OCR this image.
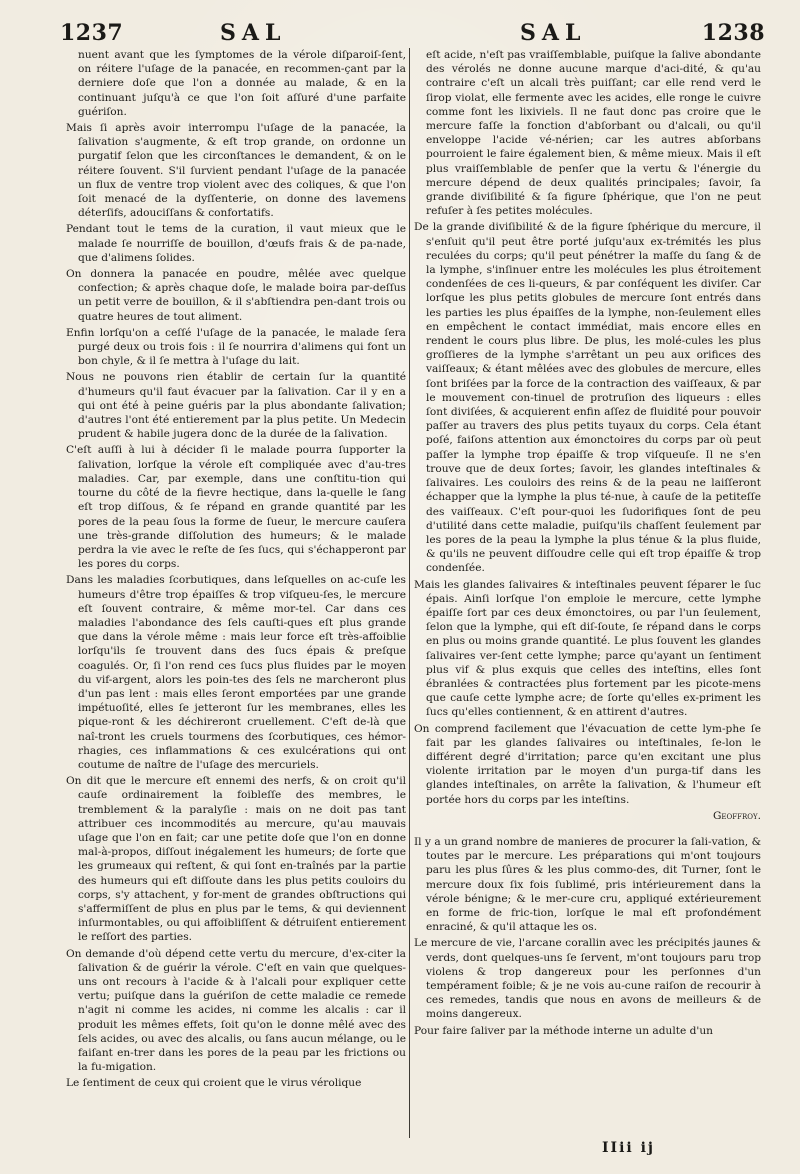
1237	SAL	SAL	1238

nuent avant que les ſymptomes de la vérole diſparoiſ-ſent, on réitere l'uſage de la panacée, en recommen-çant par la derniere doſe que l'on a donnée au malade, & en la continuant juſqu'à ce que l'on ſoit aſſuré d'une parfaite guériſon.

Mais ſi après avoir interrompu l'uſage de la panacée, la ſalivation s'augmente, & eſt trop grande, on ordonne un purgatif ſelon que les circonſtances le demandent, & on le réitere ſouvent. S'il ſurvient pendant l'uſage de la panacée un flux de ventre trop violent avec des coliques, & que l'on ſoit menacé de la dyſſenterie, on donne des lavemens déterſifs, adouciſſans & confortatifs.

Pendant tout le tems de la curation, il vaut mieux que le malade ſe nourriſſe de bouillon, d'œufs frais & de pa-nade, que d'alimens ſolides.

On donnera la panacée en poudre, mêlée avec quelque confection; & après chaque doſe, le malade boira par-deſſus un petit verre de bouillon, & il s'abſtiendra pen-dant trois ou quatre heures de tout aliment.

Enfin lorſqu'on a ceſſé l'uſage de la panacée, le malade ſera purgé deux ou trois fois : il ſe nourrira d'alimens qui font un bon chyle, & il ſe mettra à l'uſage du lait.

Nous ne pouvons rien établir de certain ſur la quantité d'humeurs qu'il faut évacuer par la ſalivation. Car il y en a qui ont été à peine guéris par la plus abondante ſalivation; d'autres l'ont été entierement par la plus petite. Un Medecin prudent & habile jugera donc de la durée de la ſalivation.

C'eſt auſſi à lui à décider ſi le malade pourra ſupporter la ſalivation, lorſque la vérole eſt compliquée avec d'au-tres maladies. Car, par exemple, dans une conſtitu-tion qui tourne du côté de la fievre hectique, dans la-quelle le ſang eſt trop diſſous, & ſe répand en grande quantité par les pores de la peau ſous la forme de ſueur, le mercure cauſera une très-grande diſſolution des humeurs; & le malade perdra la vie avec le reſte de ſes ſucs, qui s'échapperont par les pores du corps.

Dans les maladies ſcorbutiques, dans leſquelles on ac-cuſe les humeurs d'être trop épaiſſes & trop viſqueu-ſes, le mercure eſt ſouvent contraire, & même mor-tel. Car dans ces maladies l'abondance des ſels cauſti-ques eſt plus grande que dans la vérole même : mais leur force eſt très-affoiblie lorſqu'ils ſe trouvent dans des ſucs épais & preſque coagulés. Or, ſi l'on rend ces ſucs plus fluides par le moyen du vif-argent, alors les poin-tes des ſels ne marcheront plus d'un pas lent : mais elles ſeront emportées par une grande impétuoſité, elles ſe jetteront ſur les membranes, elles les pique-ront & les déchireront cruellement. C'eſt de-là que naî-tront les cruels tourmens des ſcorbutiques, ces hémor-rhagies, ces inflammations & ces exulcérations qui ont coutume de naître de l'uſage des mercuriels.

On dit que le mercure eſt ennemi des nerfs, & on croit qu'il cauſe ordinairement la foibleſſe des membres, le tremblement & la paralyſie : mais on ne doit pas tant attribuer ces incommodités au mercure, qu'au mauvais uſage que l'on en fait; car une petite doſe que l'on en donne mal-à-propos, diſſout inégalement les humeurs; de ſorte que les grumeaux qui reſtent, & qui ſont en-traînés par la partie des humeurs qui eſt diſſoute dans les plus petits couloirs du corps, s'y attachent, y for-ment de grandes obſtructions qui s'affermiſſent de plus en plus par le tems, & qui deviennent inſurmontables, ou qui affoibliſſent & détruiſent entierement le reſſort des parties.

On demande d'où dépend cette vertu du mercure, d'ex-citer la ſalivation & de guérir la vérole. C'eſt en vain que quelques-uns ont recours à l'acide & à l'alcali pour expliquer cette vertu; puiſque dans la guériſon de cette maladie ce remede n'agit ni comme les acides, ni comme les alcalis : car il produit les mêmes effets, ſoit qu'on le donne mêlé avec des ſels acides, ou avec des alcalis, ou ſans aucun mélange, ou le faiſant en-trer dans les pores de la peau par les frictions ou la fu-migation.

Le ſentiment de ceux qui croient que le virus vérolique

eſt acide, n'eſt pas vraiſſemblable, puiſque la ſalive abondante des vérolés ne donne aucune marque d'aci-dité, & qu'au contraire c'eſt un alcali très puiſſant; car elle rend verd le ſirop violat, elle fermente avec les acides, elle ronge le cuivre comme font les lixiviels. Il ne faut donc pas croire que le mercure faſſe la fonction d'abſorbant ou d'alcali, ou qu'il enveloppe l'acide vé-nérien; car les autres abſorbans pourroient le faire également bien, & même mieux. Mais il eſt plus vraiſſemblable de penſer que la vertu & l'énergie du mercure dépend de deux qualités principales; ſavoir, ſa grande diviſibilité & ſa figure ſphérique, que l'on ne peut refuſer à ſes petites molécules.

De la grande diviſibilité & de la figure ſphérique du mercure, il s'enſuit qu'il peut être porté juſqu'aux ex-trémités les plus reculées du corps; qu'il peut pénétrer la maſſe du ſang & de la lymphe, s'inſinuer entre les molécules les plus étroitement condenſées de ces li-queurs, & par conſéquent les diviſer. Car lorſque les plus petits globules de mercure ſont entrés dans les parties les plus épaiſſes de la lymphe, non-ſeulement elles en empêchent le contact immédiat, mais encore elles en rendent le cours plus libre. De plus, les molé-cules les plus groſſieres de la lymphe s'arrêtant un peu aux orifices des vaiſſeaux; & étant mêlées avec des globules de mercure, elles ſont briſées par la force de la contraction des vaiſſeaux, & par le mouvement con-tinuel de protruſion des liqueurs : elles ſont diviſées, & acquierent enfin aſſez de fluidité pour pouvoir paſſer au travers des plus petits tuyaux du corps. Cela étant poſé, faiſons attention aux émonctoires du corps par où peut paſſer la lymphe trop épaiſſe & trop viſqueuſe. Il ne s'en trouve que de deux ſortes; ſavoir, les glandes inteſtinales & ſalivaires. Les couloirs des reins & de la peau ne laiſſeront échapper que la lymphe la plus té-nue, à cauſe de la petiteſſe des vaiſſeaux. C'eſt pour-quoi les ſudorifiques ſont de peu d'utilité dans cette maladie, puiſqu'ils chaſſent ſeulement par les pores de la peau la lymphe la plus ténue & la plus fluide, & qu'ils ne peuvent diſſoudre celle qui eſt trop épaiſſe & trop condenſée.

Mais les glandes ſalivaires & inteſtinales peuvent ſéparer le ſuc épais. Ainſi lorſque l'on emploie le mercure, cette lymphe épaiſſe ſort par ces deux émonctoires, ou par l'un ſeulement, ſelon que la lymphe, qui eſt diſ-ſoute, ſe répand dans le corps en plus ou moins grande quantité. Le plus ſouvent les glandes ſalivaires ver-ſent cette lymphe; parce qu'ayant un ſentiment plus vif & plus exquis que celles des inteſtins, elles ſont ébranlées & contractées plus fortement par les picote-mens que cauſe cette lymphe acre; de ſorte qu'elles ex-priment les ſucs qu'elles contiennent, & en attirent d'autres.

On comprend facilement que l'évacuation de cette lym-phe ſe fait par les glandes ſalivaires ou inteſtinales, ſe-lon le différent degré d'irritation; parce qu'en excitant une plus violente irritation par le moyen d'un purga-tif dans les glandes inteſtinales, on arrête la ſalivation, & l'humeur eſt portée hors du corps par les inteſtins.

Geoffroy.

Il y a un grand nombre de manieres de procurer la ſali-vation, & toutes par le mercure. Les préparations qui m'ont toujours paru les plus ſûres & les plus commo-des, dit Turner, ſont le mercure doux ſix fois ſublimé, pris intérieurement dans la vérole bénigne; & le mer-cure cru, appliqué extérieurement en forme de fric-tion, lorſque le mal eſt profondément enraciné, & qu'il attaque les os.

Le mercure de vie, l'arcane corallin avec les précipités jaunes & verds, dont quelques-uns ſe ſervent, m'ont toujours paru trop violens & trop dangereux pour les perſonnes d'un tempérament foible; & je ne vois au-cune raiſon de recourir à ces remedes, tandis que nous en avons de meilleurs & de moins dangereux.

Pour faire ſaliver par la méthode interne un adulte d'un

IIii ij
